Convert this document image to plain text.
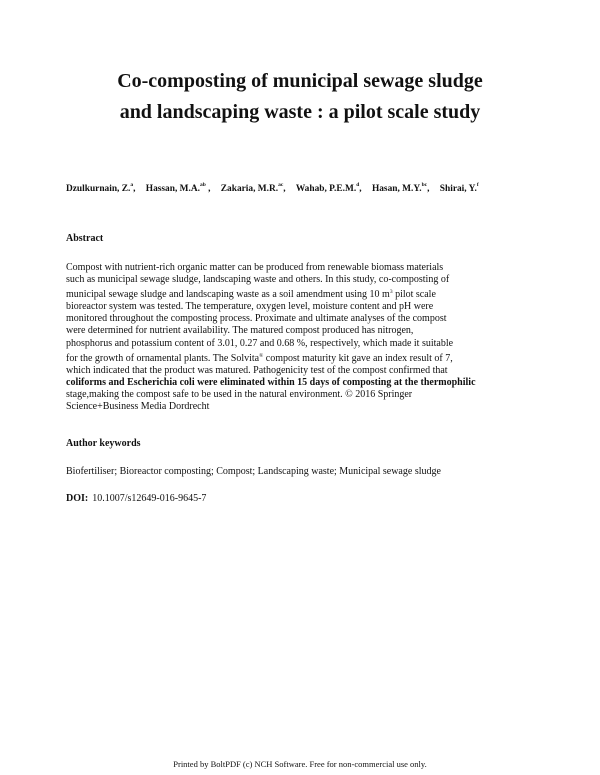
Co-composting of municipal sewage sludge
and landscaping waste : a pilot scale study
Dzulkurnain, Z.$^a$, Hassan, M.A.$^{ab}$ , Zakaria, M.R.$^{ac}$, Wahab, P.E.M.$^d$, Hasan, M.Y.$^{bc}$, Shirai, Y.$^f$
Abstract
Compost with nutrient-rich organic matter can be produced from renewable biomass materials
such as municipal sewage sludge, landscaping waste and others. In this study, co-composting of
municipal sewage sludge and landscaping waste as a soil amendment using 10 $m^3$ pilot scale
bioreactor system was tested. The temperature, oxygen level, moisture content and pH were
monitored throughout the composting process. Proximate and ultimate analyses of the compost
were determined for nutrient availability. The matured compost produced has nitrogen,
phosphorus and potassium content of 3.01, 0.27 and 0.68 %, respectively, which made it suitable
for the growth of ornamental plants. The Solvita® compost maturity kit gave an index result of 7,
which indicated that the product was matured. Pathogenicity test of the compost confirmed that
coliforms and Escherichia coli were eliminated within 15 days of composting at the thermophilic
stage,making the compost safe to be used in the natural environment. © 2016 Springer
Science+Business Media Dordrecht
Author keywords
Biofertiliser; Bioreactor composting; Compost; Landscaping waste; Municipal sewage sludge
DOI: 10.1007/s12649-016-9645-7
Printed by BoltPDF (c) NCH Software. Free for non-commercial use only.
